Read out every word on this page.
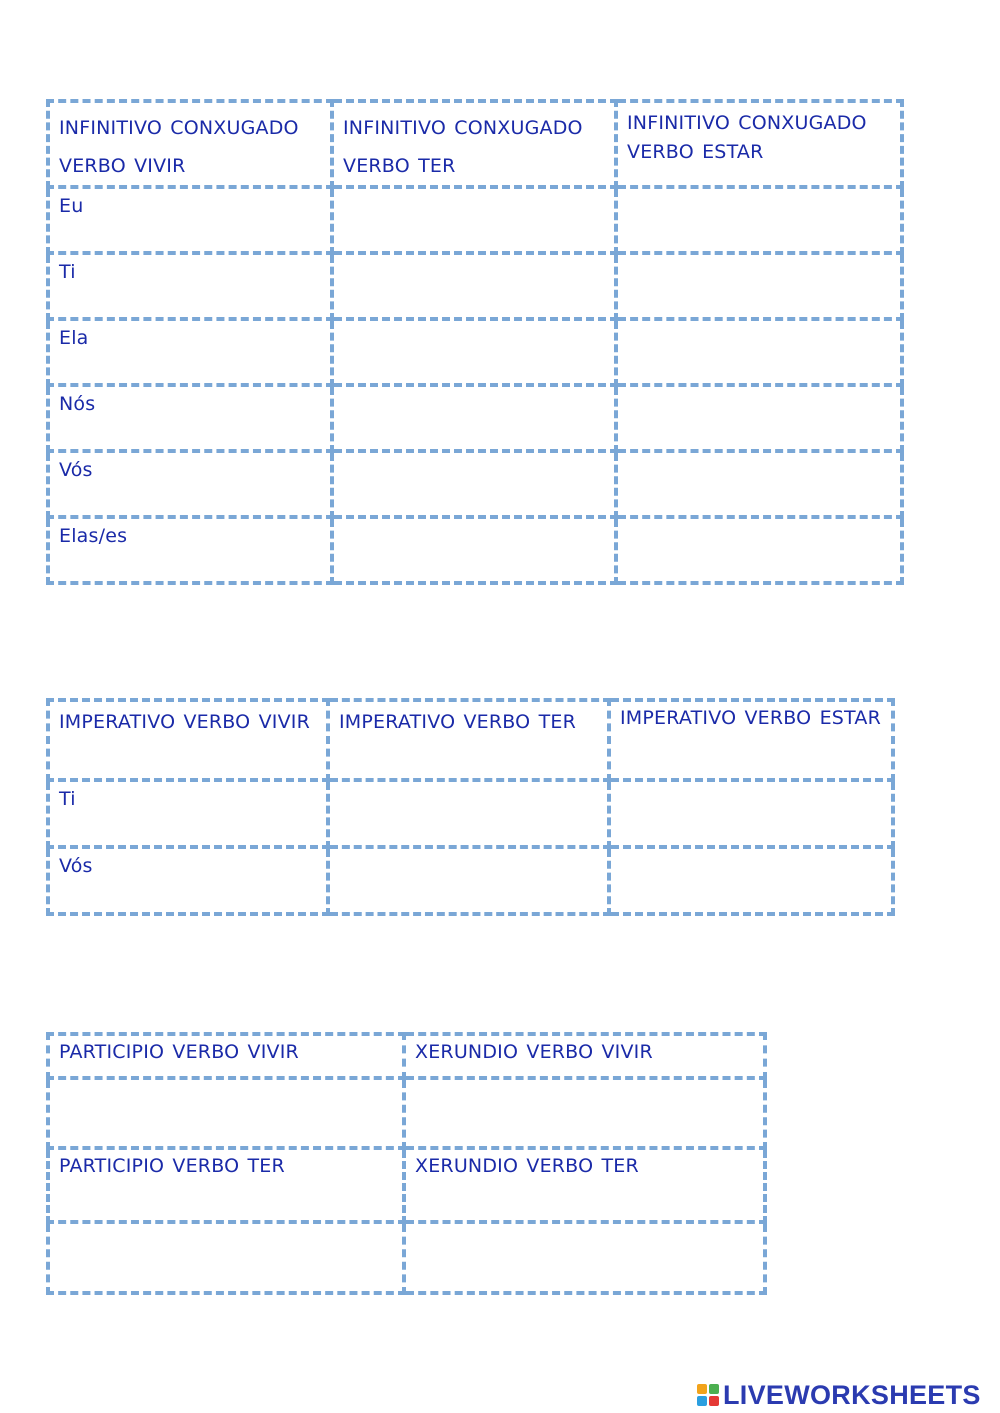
INFINITIVO CONXUGADO VERBO VIVIR	INFINITIVO CONXUGADO VERBO TER	INFINITIVO CONXUGADO VERBO ESTAR
Eu		
Ti		
Ela		
Nós		
Vós		
Elas/es		
IMPERATIVO VERBO VIVIR	IMPERATIVO VERBO TER	IMPERATIVO VERBO ESTAR
Ti		
Vós		
PARTICIPIO VERBO VIVIR	XERUNDIO VERBO VIVIR

PARTICIPIO VERBO TER	XERUNDIO VERBO TER

LIVEWORKSHEETS
